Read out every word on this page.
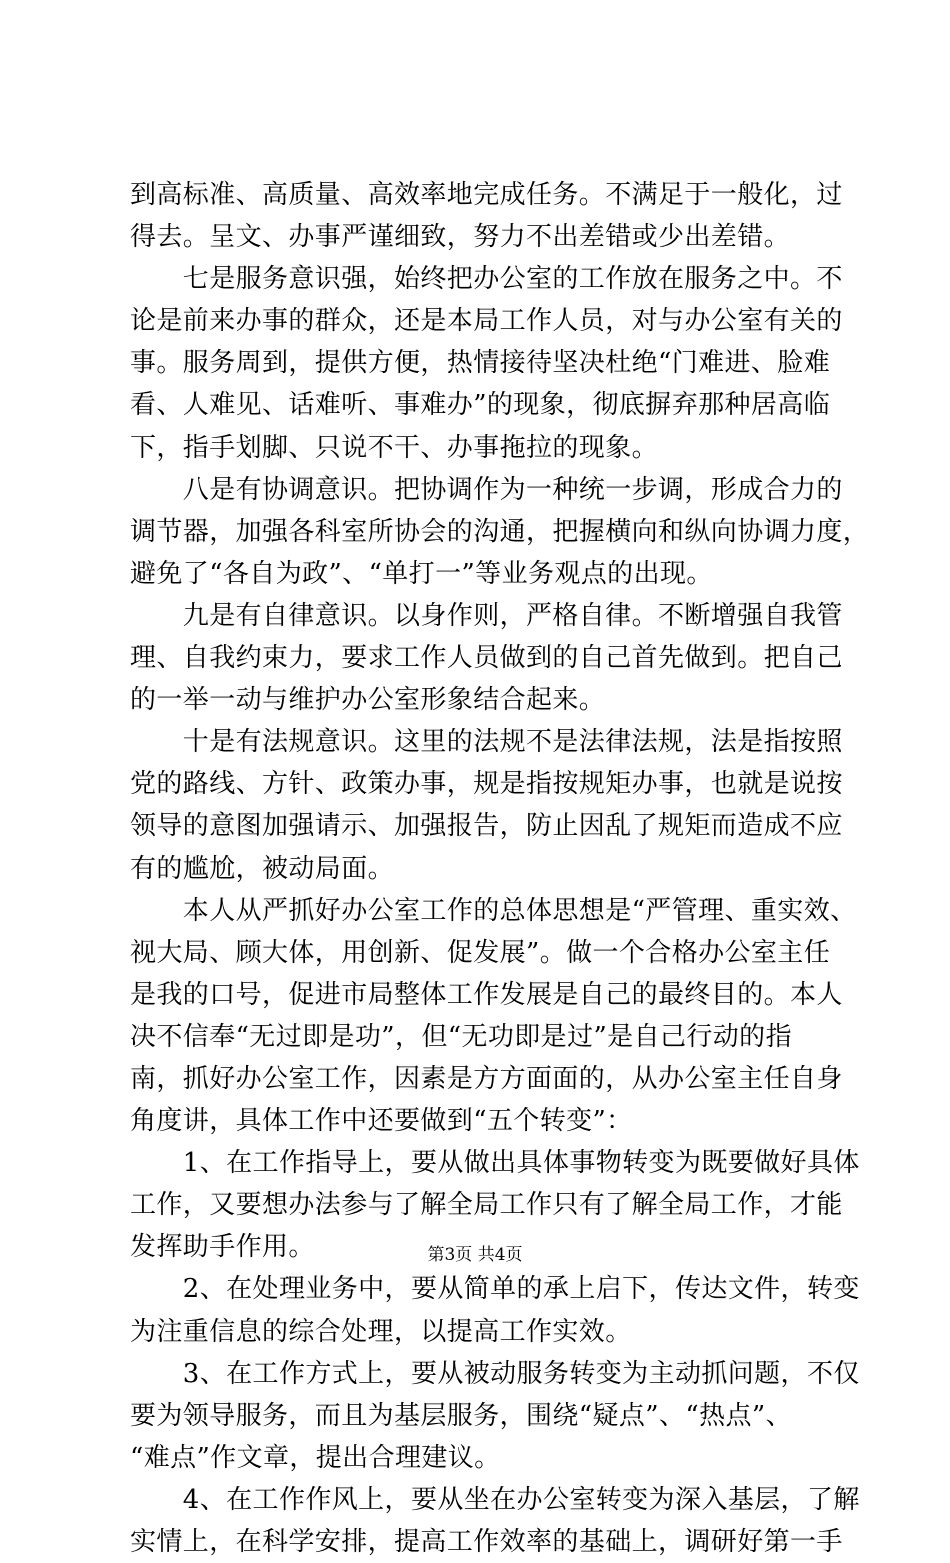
到高标准、高质量、高效率地完成任务。不满足于一般化，过
得去。呈文、办事严谨细致，努力不出差错或少出差错。
　　七是服务意识强，始终把办公室的工作放在服务之中。不
论是前来办事的群众，还是本局工作人员，对与办公室有关的
事。服务周到，提供方便，热情接待坚决杜绝“门难进、脸难
看、人难见、话难听、事难办”的现象，彻底摒弃那种居高临
下，指手划脚、只说不干、办事拖拉的现象。
　　八是有协调意识。把协调作为一种统一步调，形成合力的
调节器，加强各科室所协会的沟通，把握横向和纵向协调力度，
避免了“各自为政”、“单打一”等业务观点的出现。
　　九是有自律意识。以身作则，严格自律。不断增强自我管
理、自我约束力，要求工作人员做到的自己首先做到。把自己
的一举一动与维护办公室形象结合起来。
　　十是有法规意识。这里的法规不是法律法规，法是指按照
党的路线、方针、政策办事，规是指按规矩办事，也就是说按
领导的意图加强请示、加强报告，防止因乱了规矩而造成不应
有的尴尬，被动局面。
　　本人从严抓好办公室工作的总体思想是“严管理、重实效、
视大局、顾大体，用创新、促发展”。做一个合格办公室主任
是我的口号，促进市局整体工作发展是自己的最终目的。本人
决不信奉“无过即是功”，但“无功即是过”是自己行动的指
南，抓好办公室工作，因素是方方面面的，从办公室主任自身
角度讲，具体工作中还要做到“五个转变”：
　　1、在工作指导上，要从做出具体事物转变为既要做好具体
工作，又要想办法参与了解全局工作只有了解全局工作，才能
发挥助手作用。
　　2、在处理业务中，要从简单的承上启下，传达文件，转变
为注重信息的综合处理，以提高工作实效。
　　3、在工作方式上，要从被动服务转变为主动抓问题，不仅
要为领导服务，而且为基层服务，围绕“疑点”、“热点”、
“难点”作文章，提出合理建议。
　　4、在工作作风上，要从坐在办公室转变为深入基层，了解
实情上，在科学安排，提高工作效率的基础上，调研好第一手
第3页 共4页
